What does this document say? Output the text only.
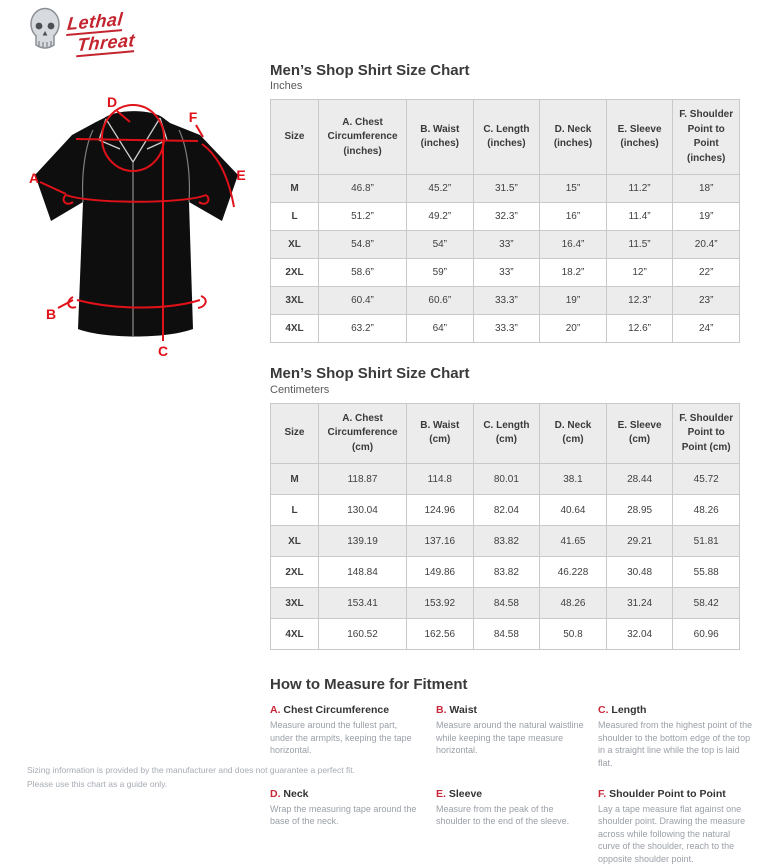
Lethal
Threat
A
B
C
D
E
F
Men’s Shop Shirt Size Chart
Inches
Size	A. Chest Circumference (inches)	B. Waist (inches)	C. Length (inches)	D. Neck (inches)	E. Sleeve (inches)	F. Shoulder Point to Point (inches)
M	46.8”	45.2”	31.5”	15”	11.2”	18”
L	51.2”	49.2”	32.3”	16”	11.4”	19”
XL	54.8”	54”	33”	16.4”	11.5”	20.4”
2XL	58.6”	59”	33”	18.2”	12”	22”
3XL	60.4”	60.6”	33.3”	19”	12.3”	23”
4XL	63.2”	64”	33.3”	20”	12.6”	24”
Men’s Shop Shirt Size Chart
Centimeters
Size	A. Chest Circumference (cm)	B. Waist (cm)	C. Length (cm)	D. Neck (cm)	E. Sleeve (cm)	F. Shoulder Point to Point (cm)
M	118.87	114.8	80.01	38.1	28.44	45.72
L	130.04	124.96	82.04	40.64	28.95	48.26
XL	139.19	137.16	83.82	41.65	29.21	51.81
2XL	148.84	149.86	83.82	46.228	30.48	55.88
3XL	153.41	153.92	84.58	48.26	31.24	58.42
4XL	160.52	162.56	84.58	50.8	32.04	60.96
How to Measure for Fitment
A. Chest Circumference
Measure around the fullest part, under the armpits, keeping the tape horizontal.
B. Waist
Measure around the natural waistline while keeping the tape measure horizontal.
C. Length
Measured from the highest point of the shoulder to the bottom edge of the top in a straight line while the top is laid flat.
D. Neck
Wrap the measuring tape around the base of the neck.
E. Sleeve
Measure from the peak of the shoulder to the end of the sleeve.
F. Shoulder Point to Point
Lay a tape measure flat against one shoulder point. Drawing the measure across while following the natural curve of the shoulder, reach to the opposite shoulder point.
Sizing information is provided by the manufacturer and does not guarantee a perfect fit.
Please use this chart as a guide only.
